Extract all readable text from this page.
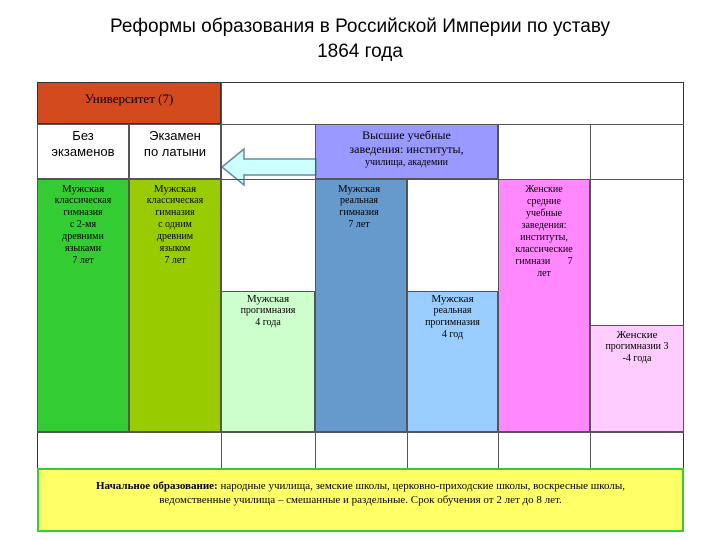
Реформы образования в Российской Империи по уставу
1864 года
Университет (7)
Без
экзаменов
Экзамен
по латыни
Высшие учебные
заведения: институты,
училища, академии
Мужская
классическая
гимназия
с 2-мя
древними
языками
7 лет
Мужская
классическая
гимназия
с одним
древним
языком
7 лет
Мужская
реальная
гимназия
7 лет
Мужская
прогимназия
4 года
Мужская
реальная
прогимназия
4 год
Женские
средние
учебные
заведения:
институты,
классические
гимнази       7
лет
Женские
прогимназии 3
-4 года
Начальное образование: народные училища, земские школы, церковно-приходские школы, воскресные школы,
ведомственные училища – смешанные и раздельные. Срок обучения от 2 лет до 8 лет.
